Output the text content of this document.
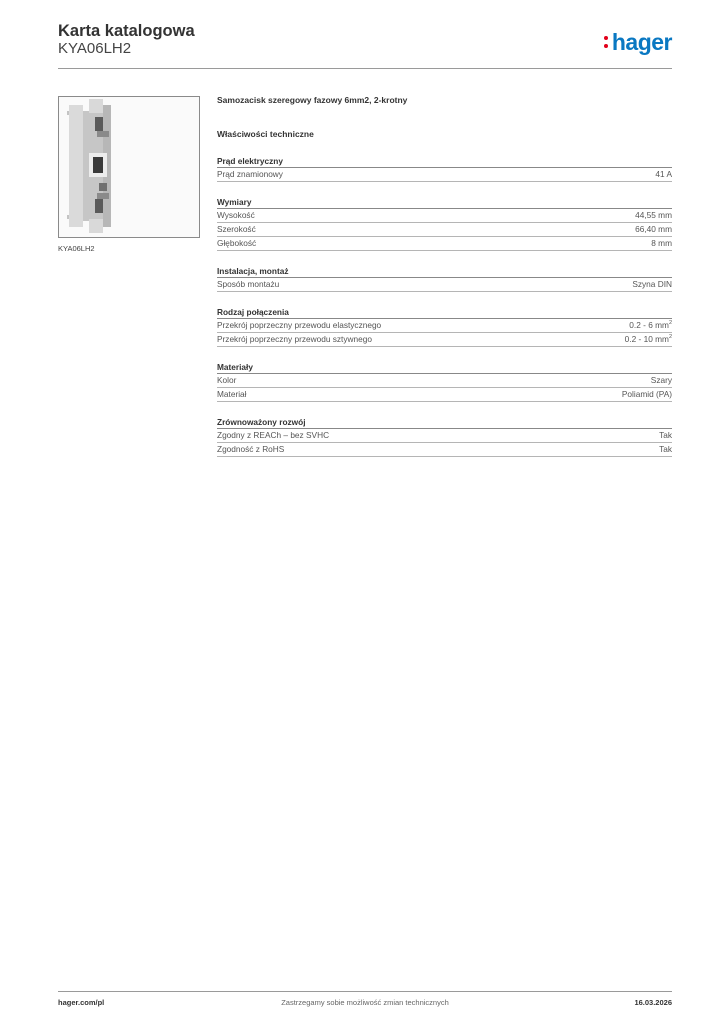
Karta katalogowa
KYA06LH2	hager
KYA06LH2
Samozacisk szeregowy fazowy 6mm2, 2-krotny
Właściwości techniczne
Prąd elektryczny
Prąd znamionowy	41 A
Wymiary
Wysokość	44,55 mm
Szerokość	66,40 mm
Głębokość	8 mm
Instalacja, montaż
Sposób montażu	Szyna DIN
Rodzaj połączenia
Przekrój poprzeczny przewodu elastycznego	0.2 - 6 $mm^2$
Przekrój poprzeczny przewodu sztywnego	0.2 - 10 $mm^2$
Materiały
Kolor	Szary
Materiał	Poliamid (PA)
Zrównoważony rozwój
Zgodny z REACh – bez SVHC	Tak
Zgodność z RoHS	Tak
hager.com/pl	Zastrzegamy sobie możliwość zmian technicznych	16.03.2026
